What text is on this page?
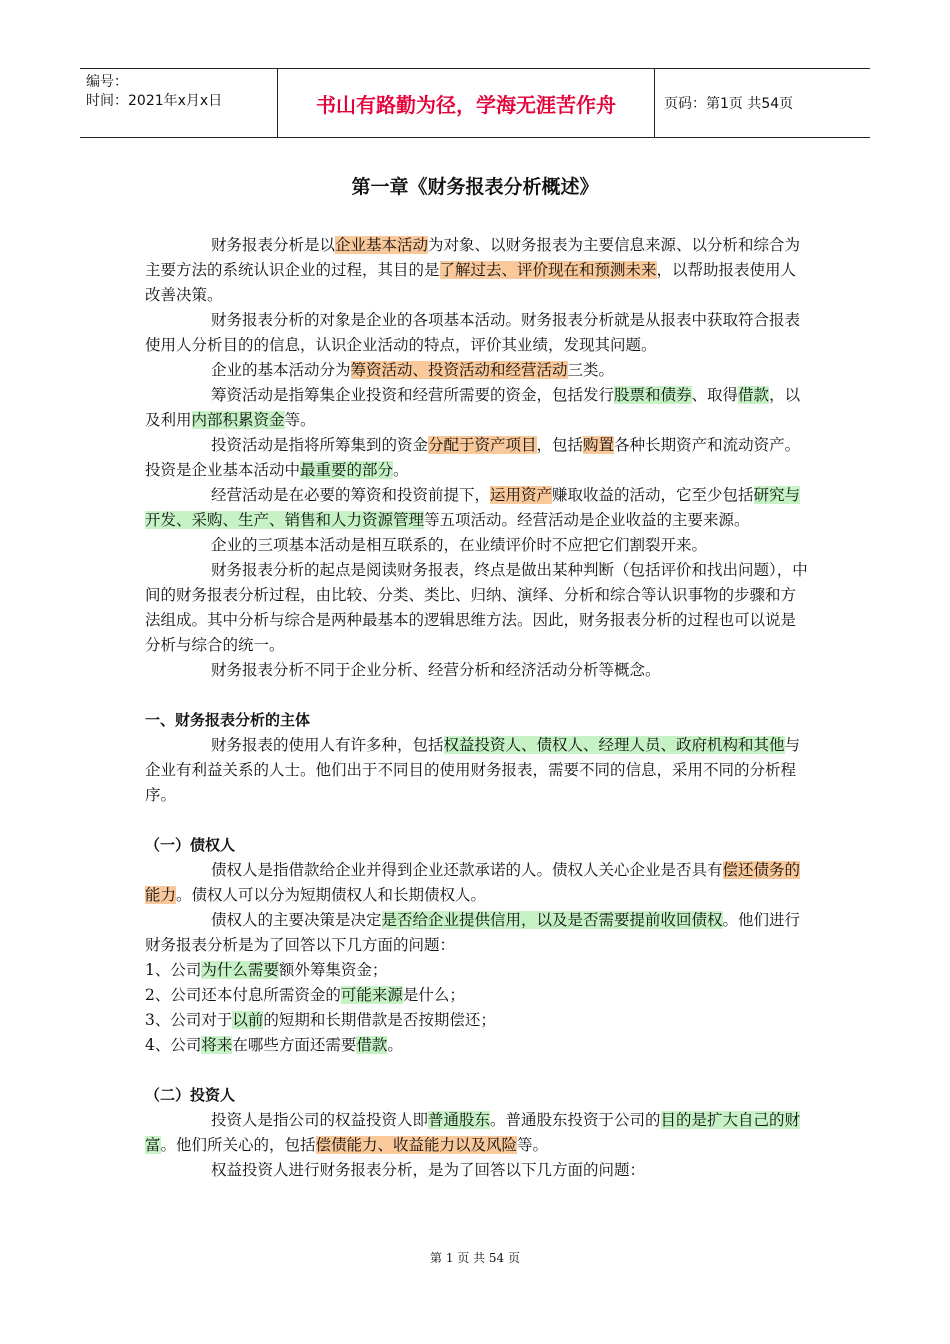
编号：
时间：2021年x月x日	书山有路勤为径，学海无涯苦作舟	页码：第1页 共54页
第一章《财务报表分析概述》

财务报表分析是以企业基本活动为对象、以财务报表为主要信息来源、以分析和综合为主要方法的系统认识企业的过程，其目的是了解过去、评价现在和预测未来，以帮助报表使用人改善决策。

财务报表分析的对象是企业的各项基本活动。财务报表分析就是从报表中获取符合报表使用人分析目的的信息，认识企业活动的特点，评价其业绩，发现其问题。

企业的基本活动分为筹资活动、投资活动和经营活动三类。

筹资活动是指筹集企业投资和经营所需要的资金，包括发行股票和债券、取得借款，以及利用内部积累资金等。

投资活动是指将所筹集到的资金分配于资产项目，包括购置各种长期资产和流动资产。投资是企业基本活动中最重要的部分。

经营活动是在必要的筹资和投资前提下，运用资产赚取收益的活动，它至少包括研究与开发、采购、生产、销售和人力资源管理等五项活动。经营活动是企业收益的主要来源。

企业的三项基本活动是相互联系的，在业绩评价时不应把它们割裂开来。

财务报表分析的起点是阅读财务报表，终点是做出某种判断（包括评价和找出问题），中间的财务报表分析过程，由比较、分类、类比、归纳、演绎、分析和综合等认识事物的步骤和方法组成。其中分析与综合是两种最基本的逻辑思维方法。因此，财务报表分析的过程也可以说是分析与综合的统一。

财务报表分析不同于企业分析、经营分析和经济活动分析等概念。

一、财务报表分析的主体

财务报表的使用人有许多种，包括权益投资人、债权人、经理人员、政府机构和其他与企业有利益关系的人士。他们出于不同目的使用财务报表，需要不同的信息，采用不同的分析程序。

（一）债权人

债权人是指借款给企业并得到企业还款承诺的人。债权人关心企业是否具有偿还债务的能力。债权人可以分为短期债权人和长期债权人。

债权人的主要决策是决定是否给企业提供信用，以及是否需要提前收回债权。他们进行财务报表分析是为了回答以下几方面的问题：

1、公司为什么需要额外筹集资金；

2、公司还本付息所需资金的可能来源是什么；

3、公司对于以前的短期和长期借款是否按期偿还；

4、公司将来在哪些方面还需要借款。

（二）投资人

投资人是指公司的权益投资人即普通股东。普通股东投资于公司的目的是扩大自己的财富。他们所关心的，包括偿债能力、收益能力以及风险等。

权益投资人进行财务报表分析，是为了回答以下几方面的问题：

第 1 页 共 54 页
